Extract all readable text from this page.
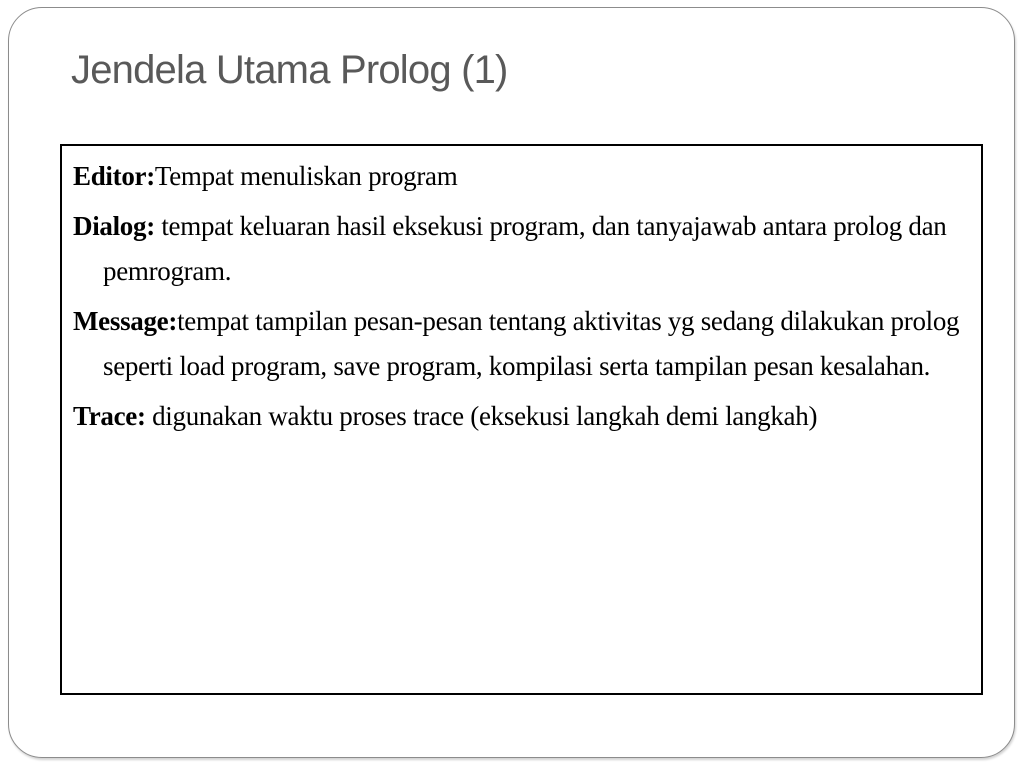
Jendela Utama Prolog (1)

Editor:Tempat menuliskan program

Dialog: tempat keluaran hasil eksekusi program, dan tanyajawab antara prolog dan pemrogram.

Message:tempat tampilan pesan-pesan tentang aktivitas yg sedang dilakukan prolog seperti load program, save program, kompilasi serta tampilan pesan kesalahan.

Trace: digunakan waktu proses trace (eksekusi langkah demi langkah)
